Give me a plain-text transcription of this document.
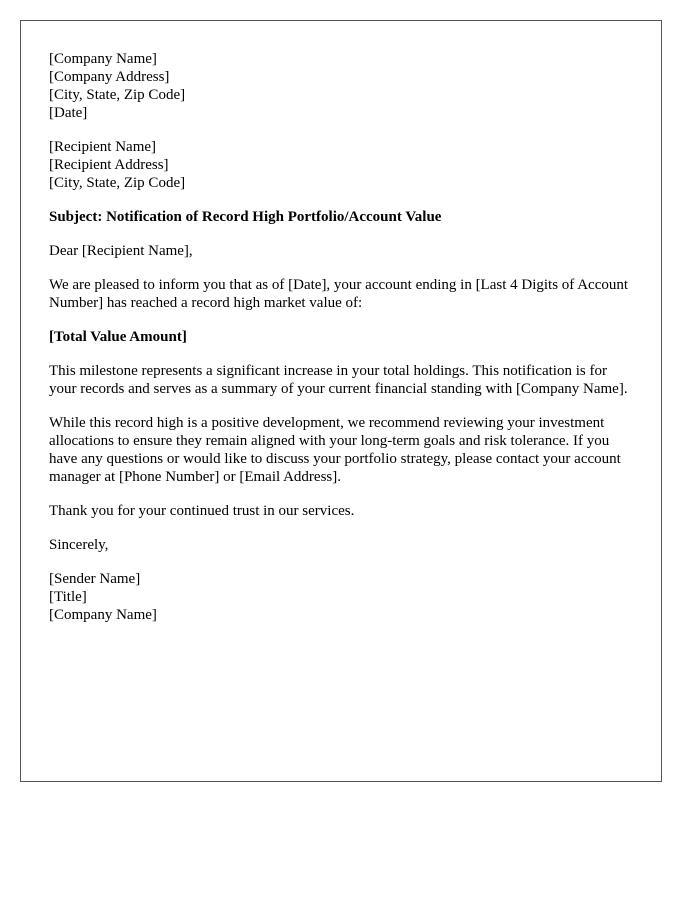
[Company Name]
[Company Address]
[City, State, Zip Code]
[Date]
[Recipient Name]
[Recipient Address]
[City, State, Zip Code]

Subject: Notification of Record High Portfolio/Account Value

Dear [Recipient Name],

We are pleased to inform you that as of [Date], your account ending in [Last 4 Digits of Account Number] has reached a record high market value of:

[Total Value Amount]

This milestone represents a significant increase in your total holdings. This notification is for your records and serves as a summary of your current financial standing with [Company Name].

While this record high is a positive development, we recommend reviewing your investment allocations to ensure they remain aligned with your long-term goals and risk tolerance. If you have any questions or would like to discuss your portfolio strategy, please contact your account manager at [Phone Number] or [Email Address].

Thank you for your continued trust in our services.

Sincerely,

[Sender Name]
[Title]
[Company Name]
